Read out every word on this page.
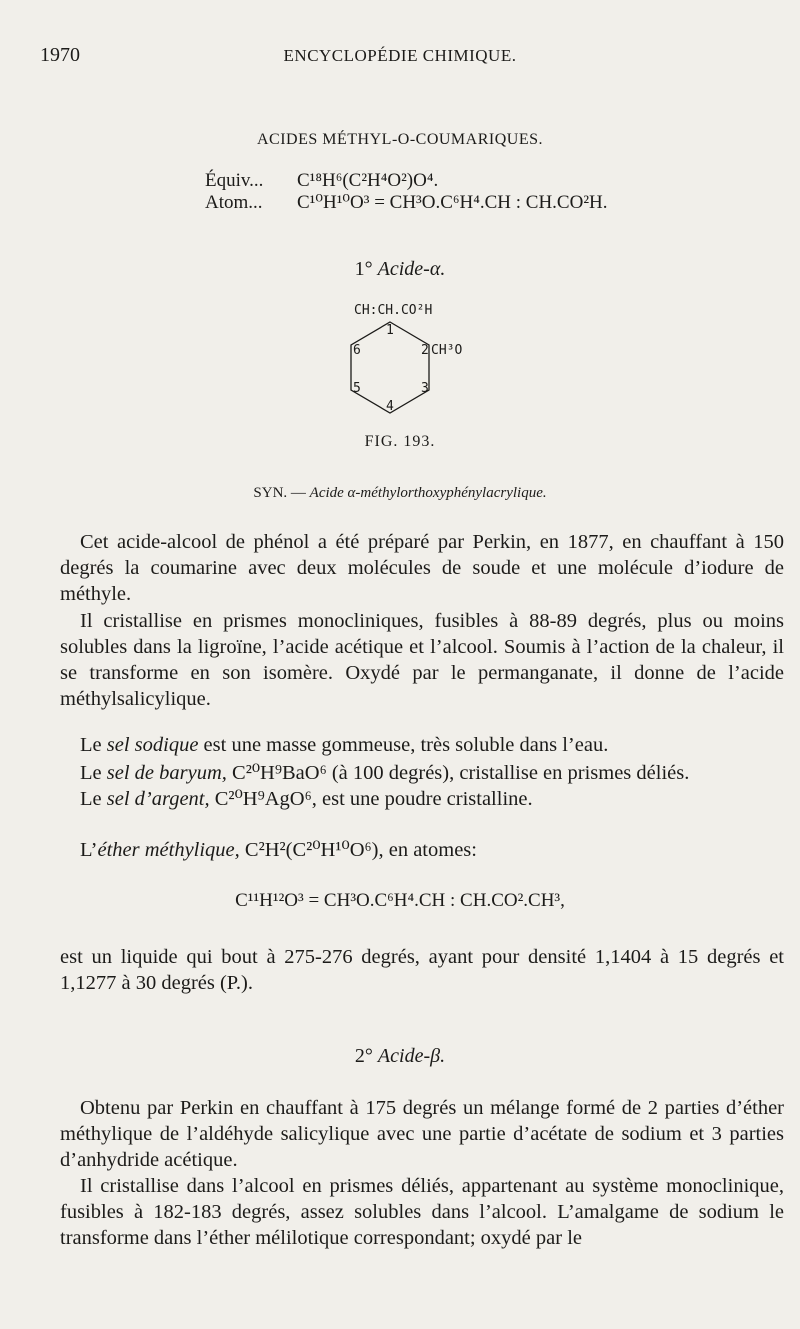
1970	ENCYCLOPÉDIE CHIMIQUE.
ACIDES MÉTHYL-O-COUMARIQUES.
Équiv... C¹⁸H⁶(C²H⁴O²)O⁴.
Atom... C¹⁰H¹⁰O³ = CH³O.C⁶H⁴.CH : CH.CO²H.
1° Acide-α.
CH:CH.CO²H
1
2
3
4
5
6	CH³O
FIG. 193.
SYN. — Acide α-méthylorthoxyphénylacrylique.
Cet acide-alcool de phénol a été préparé par Perkin, en 1877, en chauffant à 150 degrés la coumarine avec deux molécules de soude et une molécule d’iodure de méthyle.
Il cristallise en prismes monocliniques, fusibles à 88-89 degrés, plus ou moins solubles dans la ligroïne, l’acide acétique et l’alcool. Soumis à l’action de la chaleur, il se transforme en son isomère. Oxydé par le permanganate, il donne de l’acide méthylsalicylique.
Le sel sodique est une masse gommeuse, très soluble dans l’eau.
Le sel de baryum, C²⁰H⁹BaO⁶ (à 100 degrés), cristallise en prismes déliés.
Le sel d’argent, C²⁰H⁹AgO⁶, est une poudre cristalline.
L’éther méthylique, C²H²(C²⁰H¹⁰O⁶), en atomes:
C¹¹H¹²O³ = CH³O.C⁶H⁴.CH : CH.CO².CH³,
est un liquide qui bout à 275-276 degrés, ayant pour densité 1,1404 à 15 degrés et 1,1277 à 30 degrés (P.).
2° Acide-β.
Obtenu par Perkin en chauffant à 175 degrés un mélange formé de 2 parties d’éther méthylique de l’aldéhyde salicylique avec une partie d’acétate de sodium et 3 parties d’anhydride acétique.
Il cristallise dans l’alcool en prismes déliés, appartenant au système monoclinique, fusibles à 182-183 degrés, assez solubles dans l’alcool. L’amalgame de sodium le transforme dans l’éther mélilotique correspondant; oxydé par le
